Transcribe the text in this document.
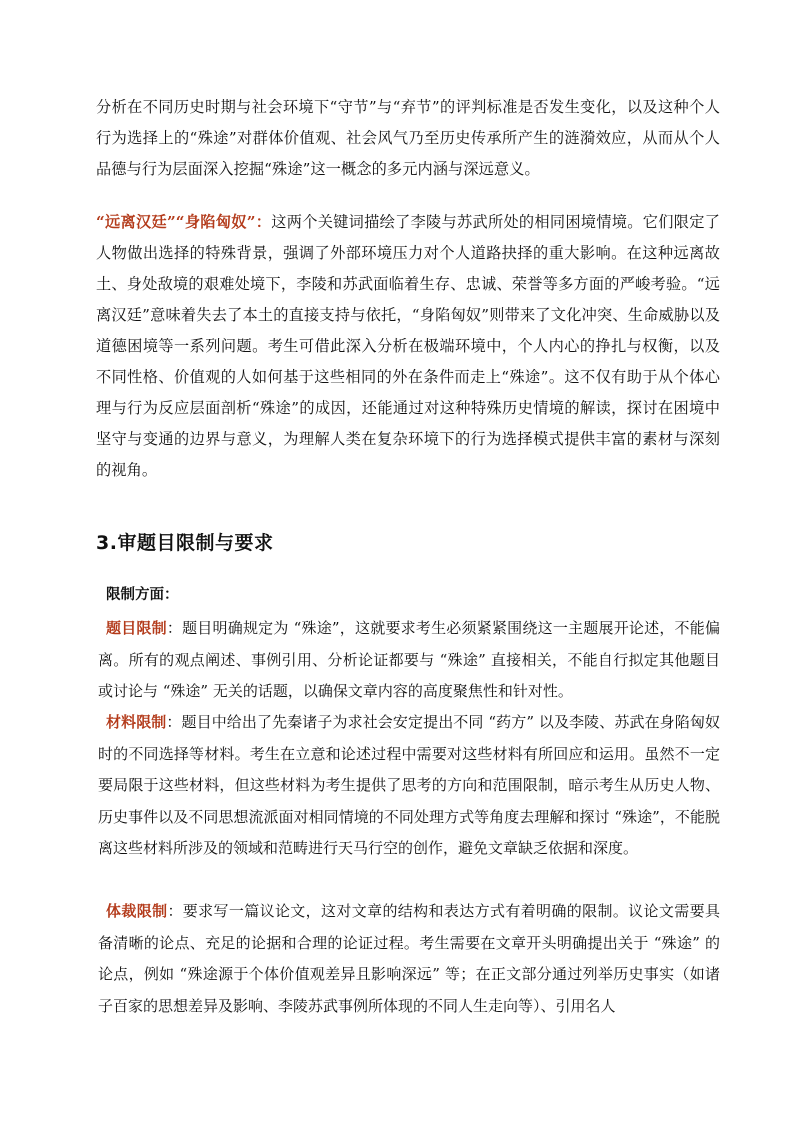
分析在不同历史时期与社会环境下“守节”与“弃节”的评判标准是否发生变化，以及这种个人行为选择上的“殊途”对群体价值观、社会风气乃至历史传承所产生的涟漪效应，从而从个人品德与行为层面深入挖掘“殊途”这一概念的多元内涵与深远意义。
“远离汉廷”“身陷匈奴”：这两个关键词描绘了李陵与苏武所处的相同困境情境。它们限定了人物做出选择的特殊背景，强调了外部环境压力对个人道路抉择的重大影响。在这种远离故土、身处敌境的艰难处境下，李陵和苏武面临着生存、忠诚、荣誉等多方面的严峻考验。“远离汉廷”意味着失去了本土的直接支持与依托，“身陷匈奴”则带来了文化冲突、生命威胁以及道德困境等一系列问题。考生可借此深入分析在极端环境中，个人内心的挣扎与权衡，以及不同性格、价值观的人如何基于这些相同的外在条件而走上“殊途”。这不仅有助于从个体心理与行为反应层面剖析“殊途”的成因，还能通过对这种特殊历史情境的解读，探讨在困境中坚守与变通的边界与意义，为理解人类在复杂环境下的行为选择模式提供丰富的素材与深刻的视角。
3.审题目限制与要求
限制方面：
题目限制：题目明确规定为 “殊途”，这就要求考生必须紧紧围绕这一主题展开论述，不能偏离。所有的观点阐述、事例引用、分析论证都要与 “殊途” 直接相关，不能自行拟定其他题目或讨论与 “殊途” 无关的话题，以确保文章内容的高度聚焦性和针对性。
材料限制：题目中给出了先秦诸子为求社会安定提出不同 “药方” 以及李陵、苏武在身陷匈奴时的不同选择等材料。考生在立意和论述过程中需要对这些材料有所回应和运用。虽然不一定要局限于这些材料，但这些材料为考生提供了思考的方向和范围限制，暗示考生从历史人物、历史事件以及不同思想流派面对相同情境的不同处理方式等角度去理解和探讨 “殊途”，不能脱离这些材料所涉及的领域和范畴进行天马行空的创作，避免文章缺乏依据和深度。
体裁限制：要求写一篇议论文，这对文章的结构和表达方式有着明确的限制。议论文需要具备清晰的论点、充足的论据和合理的论证过程。考生需要在文章开头明确提出关于 “殊途” 的论点，例如 “殊途源于个体价值观差异且影响深远” 等；在正文部分通过列举历史事实（如诸子百家的思想差异及影响、李陵苏武事例所体现的不同人生走向等）、引用名人
